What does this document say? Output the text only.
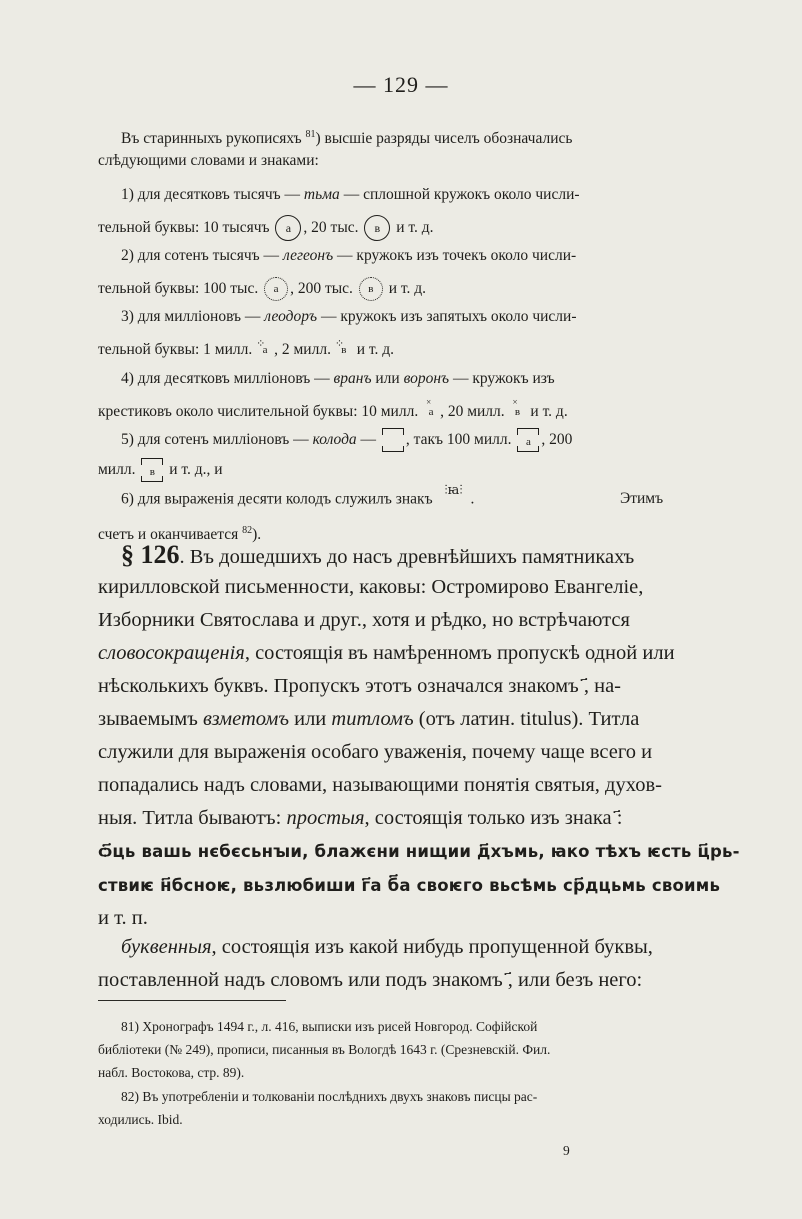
— 129 —
Въ старинныхъ рукописяхъ $^{81}$) высшіе разряды чиселъ обозначались
слѣдующими словами и знаками:
1) для десятковъ тысячъ — тьма — сплошной кружокъ около числи-
тельной буквы: 10 тысячъ а , 20 тыс. в и т. д.
2) для сотенъ тысячъ — легеонъ — кружокъ изъ точекъ около числи-
тельной буквы: 100 тыс. а , 200 тыс. в и т. д.
3) для милліоновъ — леодоръ — кружокъ изъ запятыхъ около числи-
тельной буквы: 1 милл. ⁘ а , 2 милл. ⁘ в и т. д.
4) для десятковъ милліоновъ — вранъ или воронъ — кружокъ изъ
крестиковъ около числительной буквы: 10 милл. × а , 20 милл. × в и т. д.
5) для сотенъ милліоновъ — колода — , такъ 100 милл. а , 200
милл. в и т. д., и
6) для выраженія десяти колодъ служилъ знакъ ⫶ꙗ⫶.	Этимъ
счетъ и оканчивается $^{82}$).
§ 126. Въ дошедшихъ до насъ древнѣйшихъ памятникахъ
кирилловской письменности, каковы: Остромирово Евангеліе,
Изборники Святослава и друг., хотя и рѣдко, но встрѣчаются
словосокращенія, состоящія въ намѣренномъ пропускѣ одной или
нѣсколькихъ буквъ. Пропускъ этотъ означался знакомъ ҃, на-
зываемымъ взметомъ или титломъ (отъ латин. titulus). Титла
служили для выраженія особаго уваженія, почему чаще всего и
попадались надъ словами, называющими понятія святыя, духов-
ныя. Титла бываютъ: простыя, состоящія только изъ знака ҃:
ѻ҃ць вашь нєбєсьнꙑи, блажєни нищии д҃хъмь, ꙗко тѣхъ ѥсть ц҃рь-
ствиѥ н҃бсноѥ, вьзлюбиши г҃а б҃а своѥго вьсѣмь ср҃дцьмь своимь
и т. п.
буквенныя, состоящія изъ какой нибудь пропущенной буквы,
поставленной надъ словомъ или подъ знакомъ ҃, или безъ него:
81) Хронографъ 1494 г., л. 416, выписки изъ рисей Новгород. Софійской
библіотеки (№ 249), прописи, писанныя въ Вологдѣ 1643 г. (Срезневскій. Фил.
набл. Востокова, стр. 89).
82) Въ употребленіи и толкованіи послѣднихъ двухъ знаковъ писцы рас-
ходились. Ibid.
9
